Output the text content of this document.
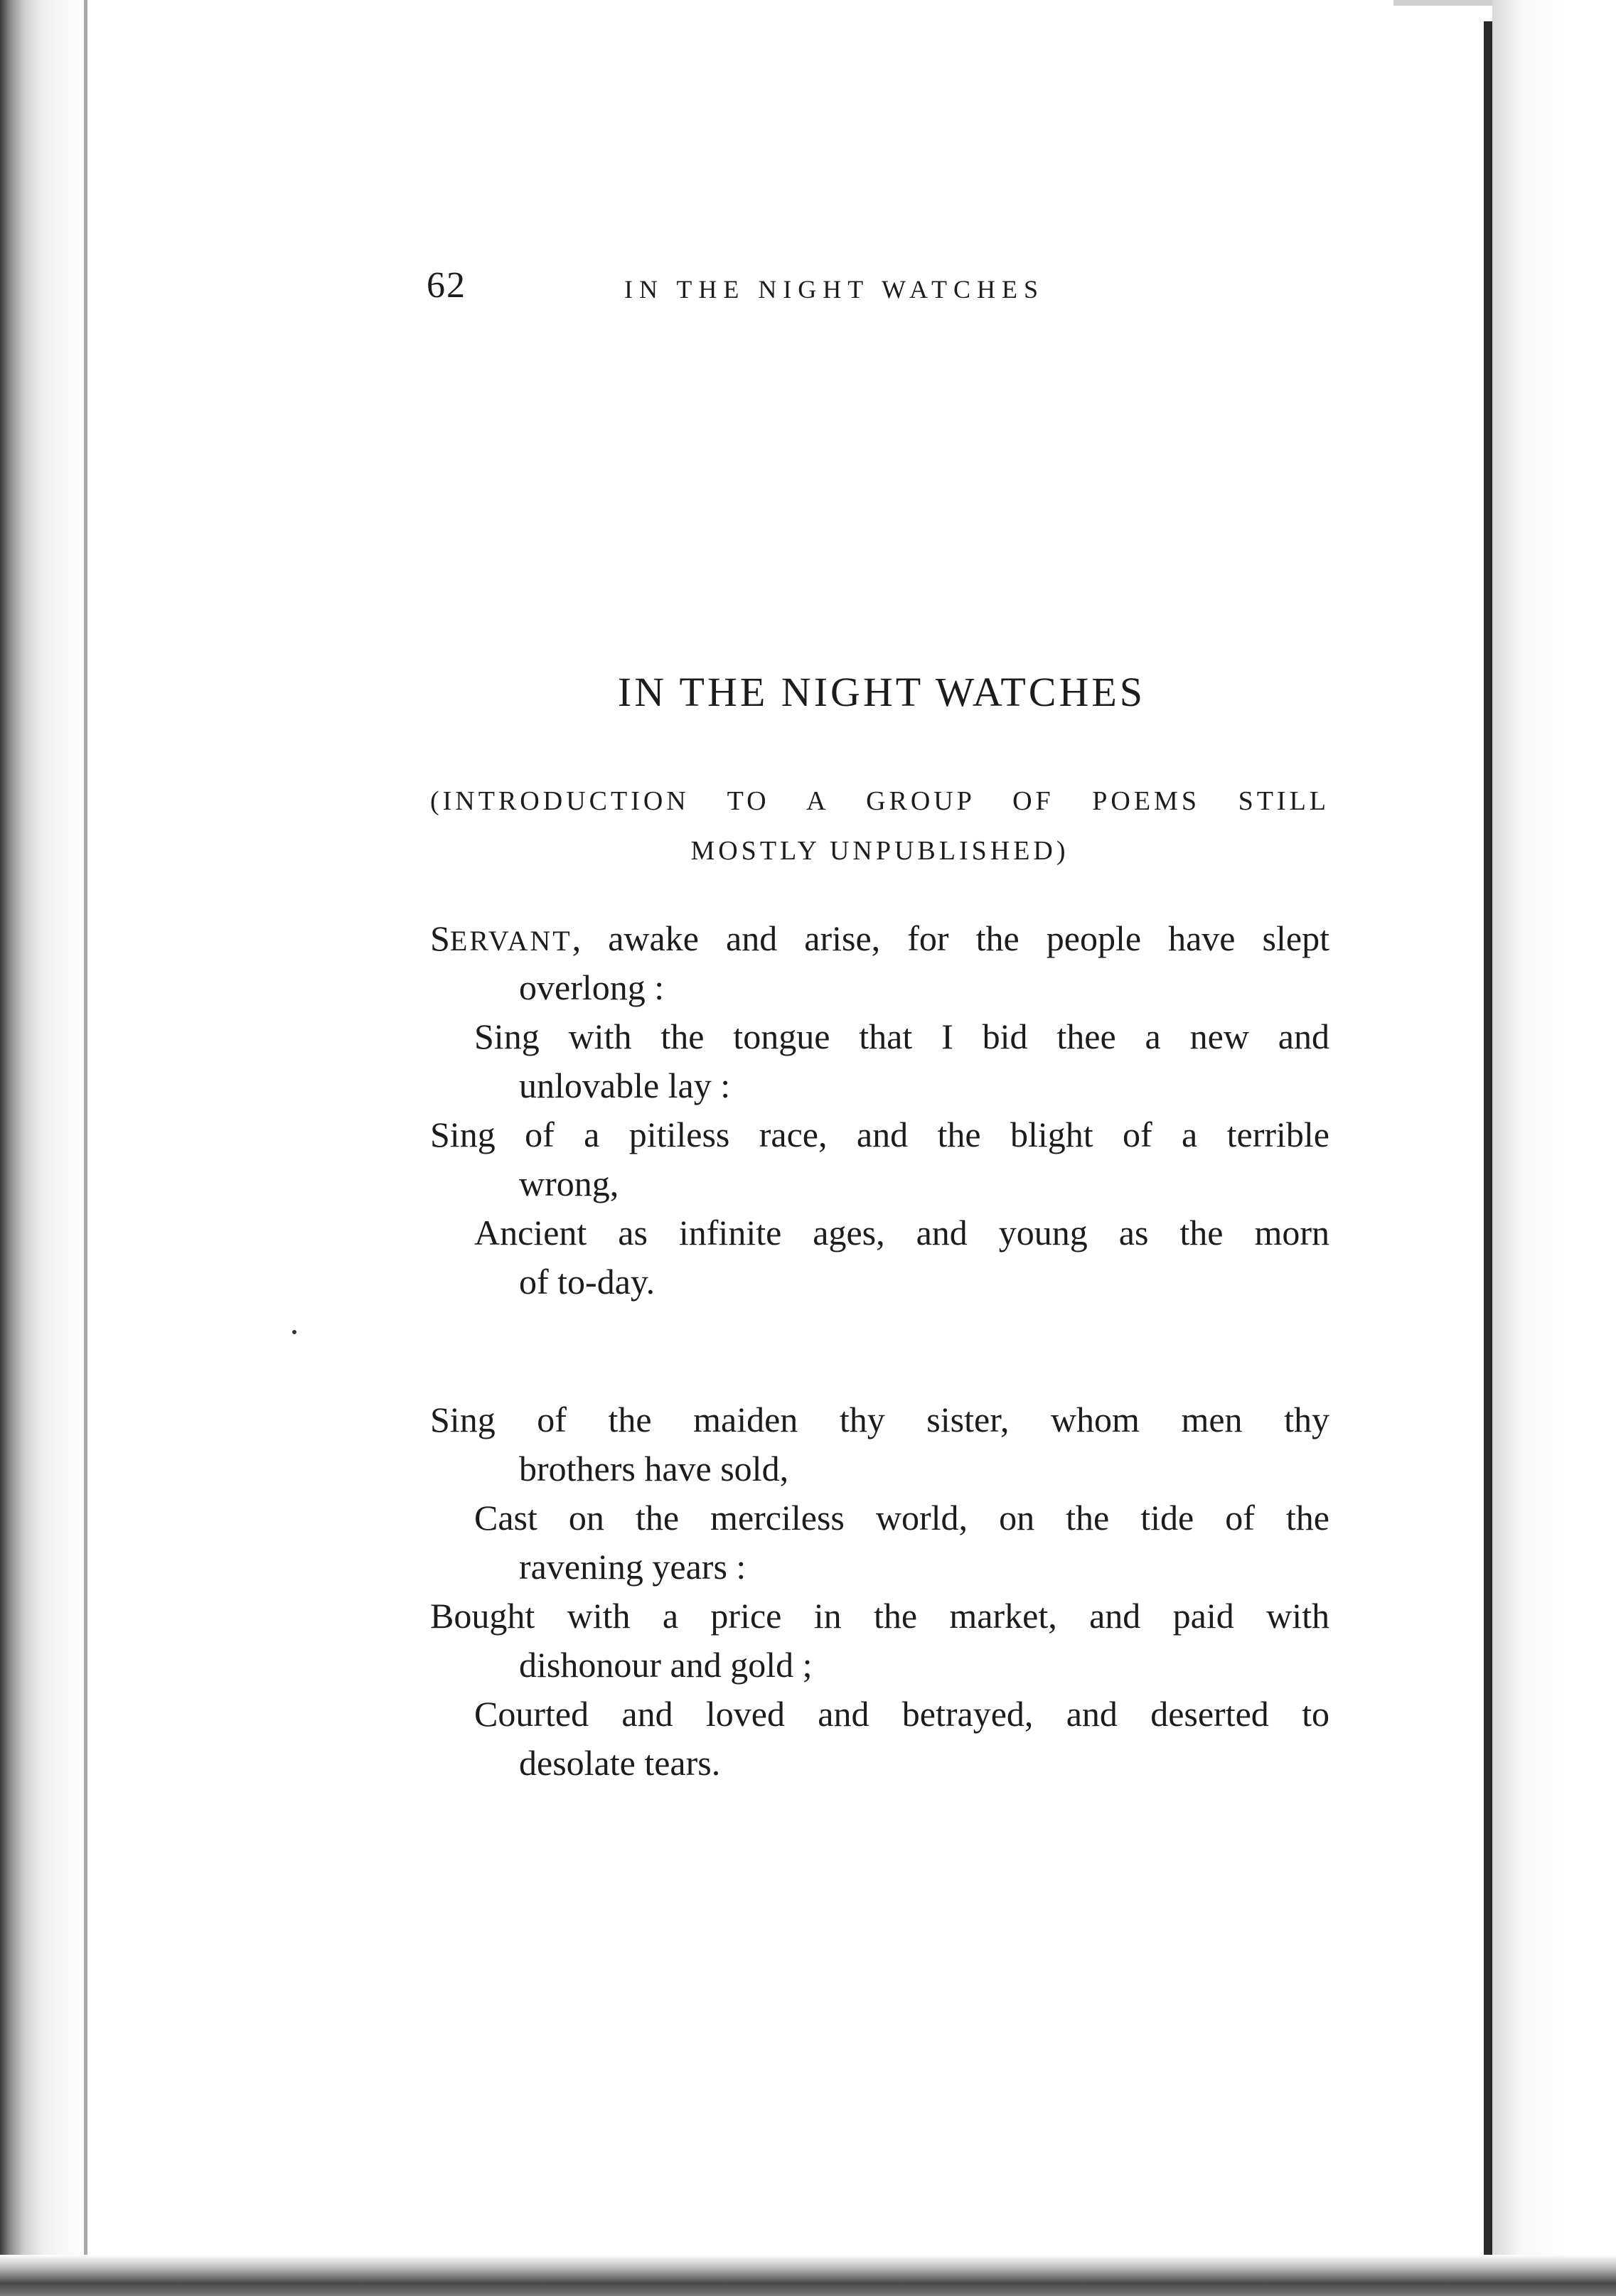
62	IN THE NIGHT WATCHES
IN THE NIGHT WATCHES
(INTRODUCTION TO A GROUP OF POEMS STILL
MOSTLY UNPUBLISHED)
SERVANT, awake and arise, for the people have slept
overlong :
Sing with the tongue that I bid thee a new and
unlovable lay :
Sing of a pitiless race, and the blight of a terrible
wrong,
Ancient as infinite ages, and young as the morn
of to-day.
Sing of the maiden thy sister, whom men thy
brothers have sold,
Cast on the merciless world, on the tide of the
ravening years :
Bought with a price in the market, and paid with
dishonour and gold ;
Courted and loved and betrayed, and deserted to
desolate tears.
